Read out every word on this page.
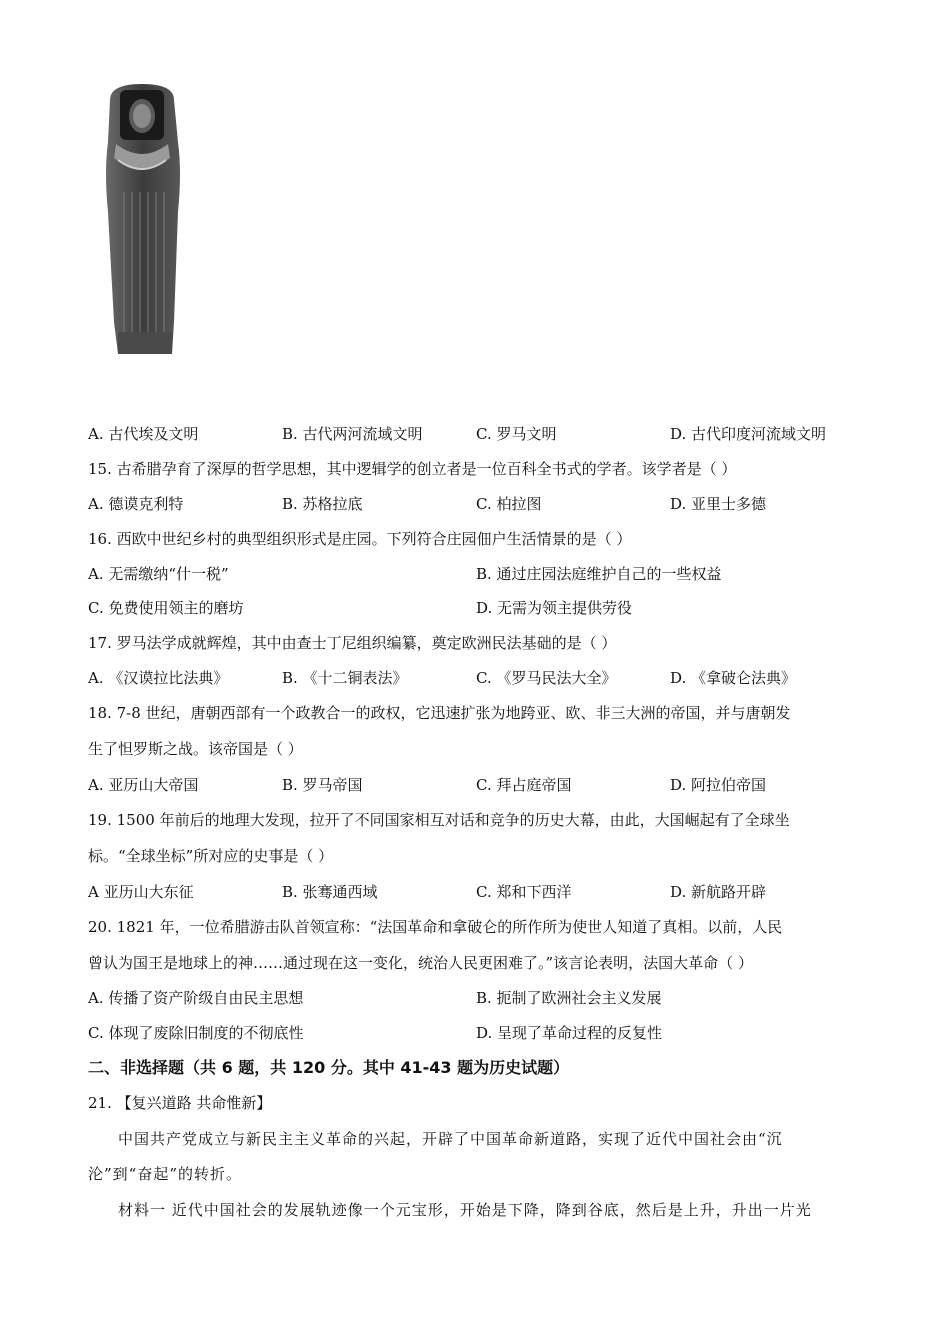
A. 古代埃及文明	B. 古代两河流域文明	C. 罗马文明	D. 古代印度河流域文明
15. 古希腊孕育了深厚的哲学思想，其中逻辑学的创立者是一位百科全书式的学者。该学者是（ ）
A. 德谟克利特	B. 苏格拉底	C. 柏拉图	D. 亚里士多德
16. 西欧中世纪乡村的典型组织形式是庄园。下列符合庄园佃户生活情景的是（ ）
A. 无需缴纳“什一税”	B. 通过庄园法庭维护自己的一些权益
C. 免费使用领主的磨坊	D. 无需为领主提供劳役
17. 罗马法学成就辉煌，其中由查士丁尼组织编纂，奠定欧洲民法基础的是（ ）
A. 《汉谟拉比法典》	B. 《十二铜表法》	C. 《罗马民法大全》	D. 《拿破仑法典》
18. 7-8 世纪，唐朝西部有一个政教合一的政权，它迅速扩张为地跨亚、欧、非三大洲的帝国，并与唐朝发
生了怛罗斯之战。该帝国是（ ）
A. 亚历山大帝国	B. 罗马帝国	C. 拜占庭帝国	D. 阿拉伯帝国
19. 1500 年前后的地理大发现，拉开了不同国家相互对话和竞争的历史大幕，由此，大国崛起有了全球坐
标。“全球坐标”所对应的史事是（ ）
A 亚历山大东征	B. 张骞通西域	C. 郑和下西洋	D. 新航路开辟
20. 1821 年，一位希腊游击队首领宣称：“法国革命和拿破仑的所作所为使世人知道了真相。以前，人民
曾认为国王是地球上的神……通过现在这一变化，统治人民更困难了。”该言论表明，法国大革命（ ）
A. 传播了资产阶级自由民主思想	B. 扼制了欧洲社会主义发展
C. 体现了废除旧制度的不彻底性	D. 呈现了革命过程的反复性
二、非选择题（共 6 题，共 120 分。其中 41-43 题为历史试题）
21. 【复兴道路 共命惟新】
中国共产党成立与新民主主义革命的兴起，开辟了中国革命新道路，实现了近代中国社会由“沉
沦”到“奋起”的转折。
材料一 近代中国社会的发展轨迹像一个元宝形，开始是下降，降到谷底，然后是上升，升出一片光
